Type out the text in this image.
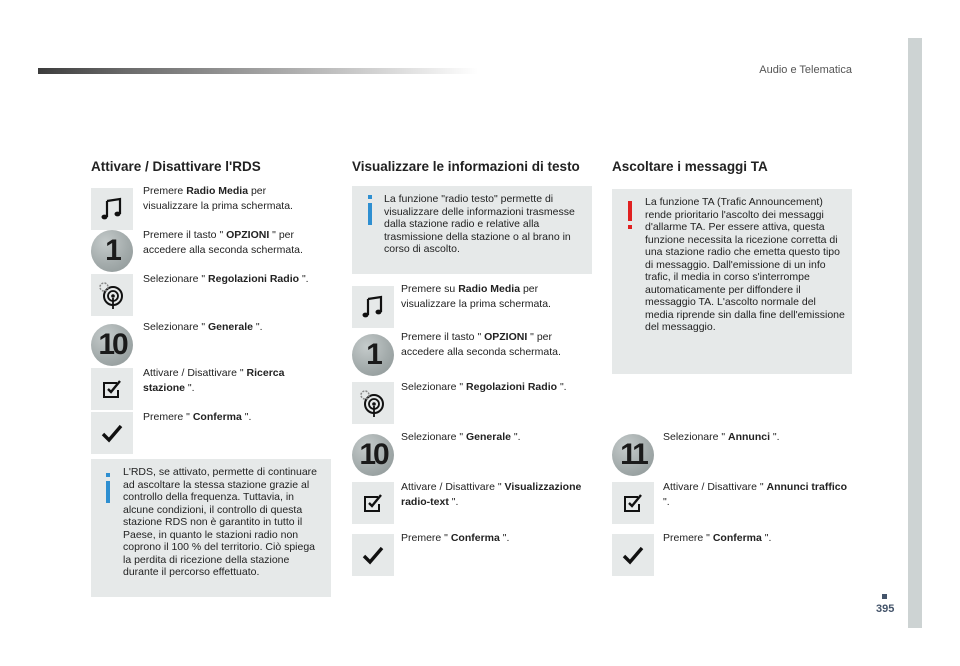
Audio e Telematica
395
Attivare / Disattivare l'RDS
Premere Radio Media per visualizzare la prima schermata.
1	Premere il tasto " OPZIONI " per accedere alla seconda schermata.
Selezionare " Regolazioni Radio ".
10
Selezionare " Generale ".
Attivare / Disattivare " Ricerca stazione ".
Premere " Conferma ".
L'RDS, se attivato, permette di continuare ad ascoltare la stessa stazione grazie al controllo della frequenza. Tuttavia, in alcune condizioni, il controllo di questa stazione RDS non è garantito in tutto il Paese, in quanto le stazioni radio non coprono il 100 % del territorio. Ciò spiega la perdita di ricezione della stazione durante il percorso effettuato.
Visualizzare le informazioni di testo
La funzione "radio testo" permette di visualizzare delle informazioni trasmesse dalla stazione radio e relative alla trasmissione della stazione o al brano in corso di ascolto.
Premere su Radio Media per visualizzare la prima schermata.
1
Premere il tasto " OPZIONI " per accedere alla seconda schermata.
Selezionare " Regolazioni Radio ".
10
Selezionare " Generale ".
Attivare / Disattivare " Visualizzazione radio-text ".
Premere " Conferma ".
Ascoltare i messaggi TA
La funzione TA (Trafic Announcement) rende prioritario l'ascolto dei messaggi d'allarme TA. Per essere attiva, questa funzione necessita la ricezione corretta di una stazione radio che emetta questo tipo di messaggio. Dall'emissione di un info trafic, il media in corso s'interrompe automaticamente per diffondere il messaggio TA. L'ascolto normale del media riprende sin dalla fine dell'emissione del messaggio.
11
Selezionare " Annunci ".
Attivare / Disattivare " Annunci traffico ".
Premere " Conferma ".
